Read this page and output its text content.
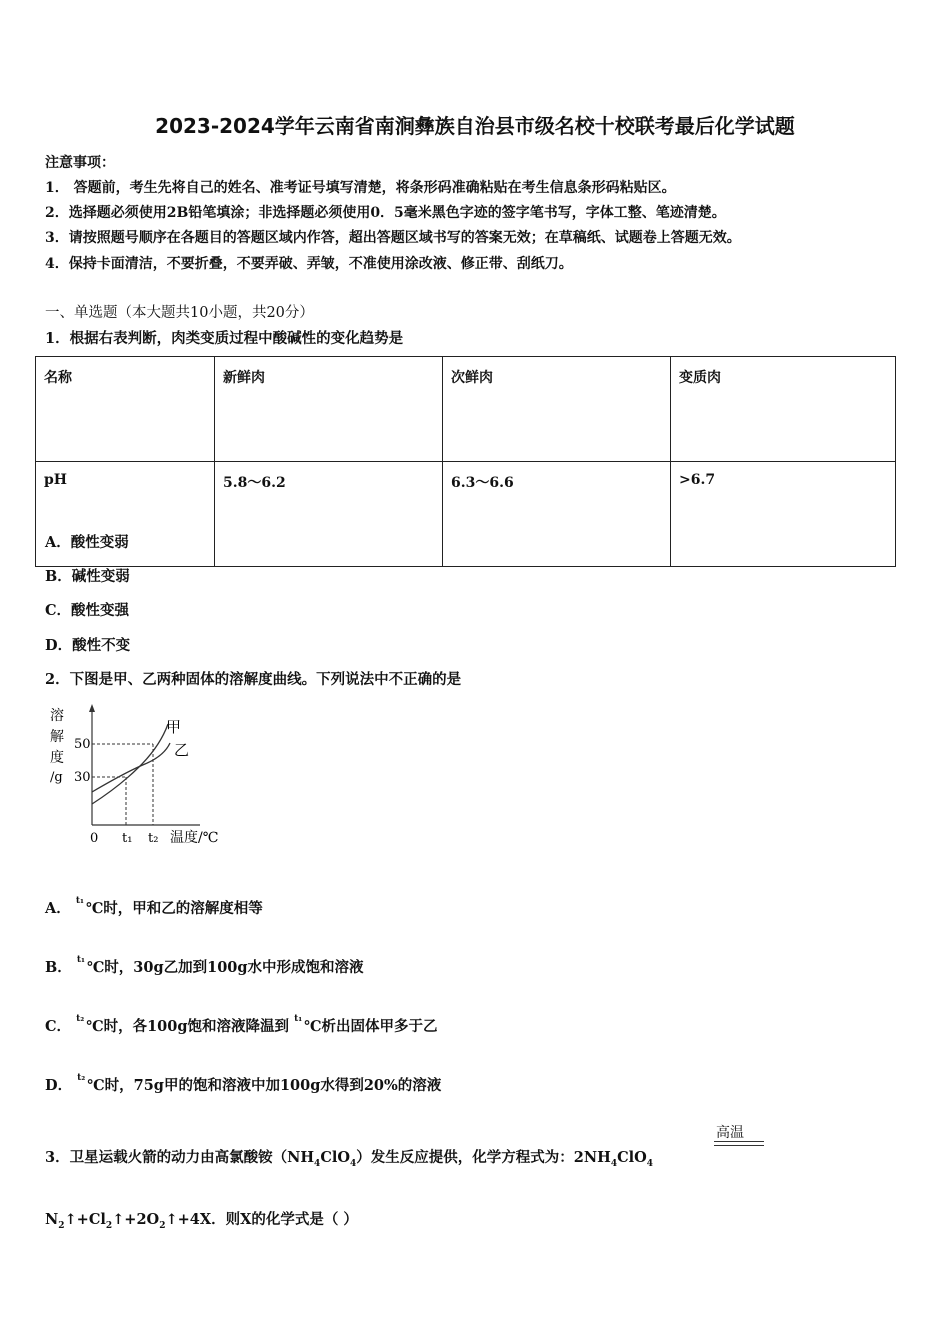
2023-2024学年云南省南涧彝族自治县市级名校十校联考最后化学试题
注意事项：
1． 答题前，考生先将自己的姓名、准考证号填写清楚，将条形码准确粘贴在考生信息条形码粘贴区。
2．选择题必须使用2B铅笔填涂；非选择题必须使用0．5毫米黑色字迹的签字笔书写，字体工整、笔迹清楚。
3．请按照题号顺序在各题目的答题区域内作答，超出答题区域书写的答案无效；在草稿纸、试题卷上答题无效。
4．保持卡面清洁，不要折叠，不要弄破、弄皱，不准使用涂改液、修正带、刮纸刀。
一、单选题（本大题共10小题，共20分）
1．根据右表判断，肉类变质过程中酸碱性的变化趋势是
名称	新鲜肉	次鲜肉	变质肉
pH	5.8～6.2	6.3～6.6	>6.7
A．酸性变弱
B．碱性变弱
C．酸性变强
D．酸性不变
2．下图是甲、乙两种固体的溶解度曲线。下列说法中不正确的是
溶
解
度
/g
50
30
甲
乙
0 t₁ t₂ 温度/℃
A． $^{t_1}$ ℃时，甲和乙的溶解度相等
B． $^{t_1}$ ℃时，30g乙加到100g水中形成饱和溶液
C． $^{t_2}$ ℃时，各100g饱和溶液降温到 $^{t_1}$ ℃析出固体甲多于乙
D． $^{t_2}$ ℃时，75g甲的饱和溶液中加100g水得到20%的溶液
3．卫星运载火箭的动力由高氯酸铵$(NH_4ClO_4)$发生反应提供，化学方程式为：$2NH_4ClO_4$
高温
$N_2↑+Cl_2↑+2O_2↑+4X$．则X的化学式是（ ）
